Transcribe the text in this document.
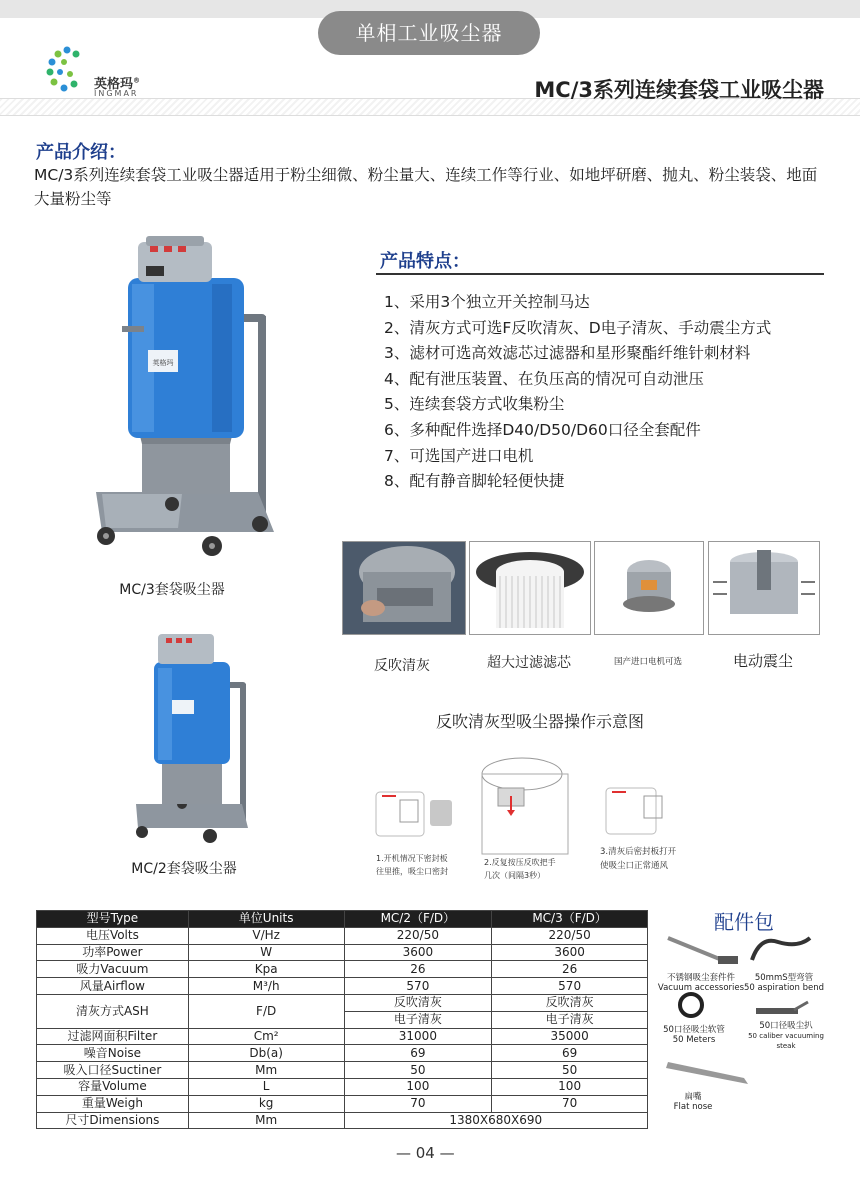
单相工业吸尘器
英格玛®
INGMAR	MC/3系列连续套袋工业吸尘器
产品介绍：
MC/3系列连续套袋工业吸尘器适用于粉尘细微、粉尘量大、连续工作等行业、如地坪研磨、抛丸、粉尘装袋、地面大量粉尘等
英格玛
MC/3套袋吸尘器
MC/2套袋吸尘器
产品特点：
1、采用3个独立开关控制马达
2、清灰方式可选F反吹清灰、D电子清灰、手动震尘方式
3、滤材可选高效滤芯过滤器和星形聚酯纤维针刺材料
4、配有泄压装置、在负压高的情况可自动泄压
5、连续套袋方式收集粉尘
6、多种配件选择D40/D50/D60口径全套配件
7、可选国产进口电机
8、配有静音脚轮轻便快捷
反吹清灰	超大过滤滤芯	国产进口电机可选	电动震尘
反吹清灰型吸尘器操作示意图
1.开机情况下密封板
往里推，吸尘口密封
2.反复按压反吹把手
几次（间隔3秒）
3.清灰后密封板打开
使吸尘口正常通风
型号Type	单位Units	MC/2（F/D）	MC/3（F/D）
电压Volts	V/Hz	220/50	220/50
功率Power	W	3600	3600
吸力Vacuum	Kpa	26	26
风量Airflow	M³/h	570	570
清灰方式ASH	F/D	反吹清灰	反吹清灰
		电子清灰	电子清灰
过滤网面积Filter	Cm²	31000	35000
噪音Noise	Db(a)	69	69
吸入口径Suctiner	Mm	50	50
容量Volume	L	100	100
重量Weigh	kg	70	70
尺寸Dimensions	Mm	1380X680X690	
配件包
不锈钢吸尘套件件
Vacuum accessories
50mmS型弯管
50 aspiration bend
50口径吸尘软管
50 Meters
50口径吸尘扒
50 caliber vacuuming steak
扁嘴
Flat nose
— 04 —
